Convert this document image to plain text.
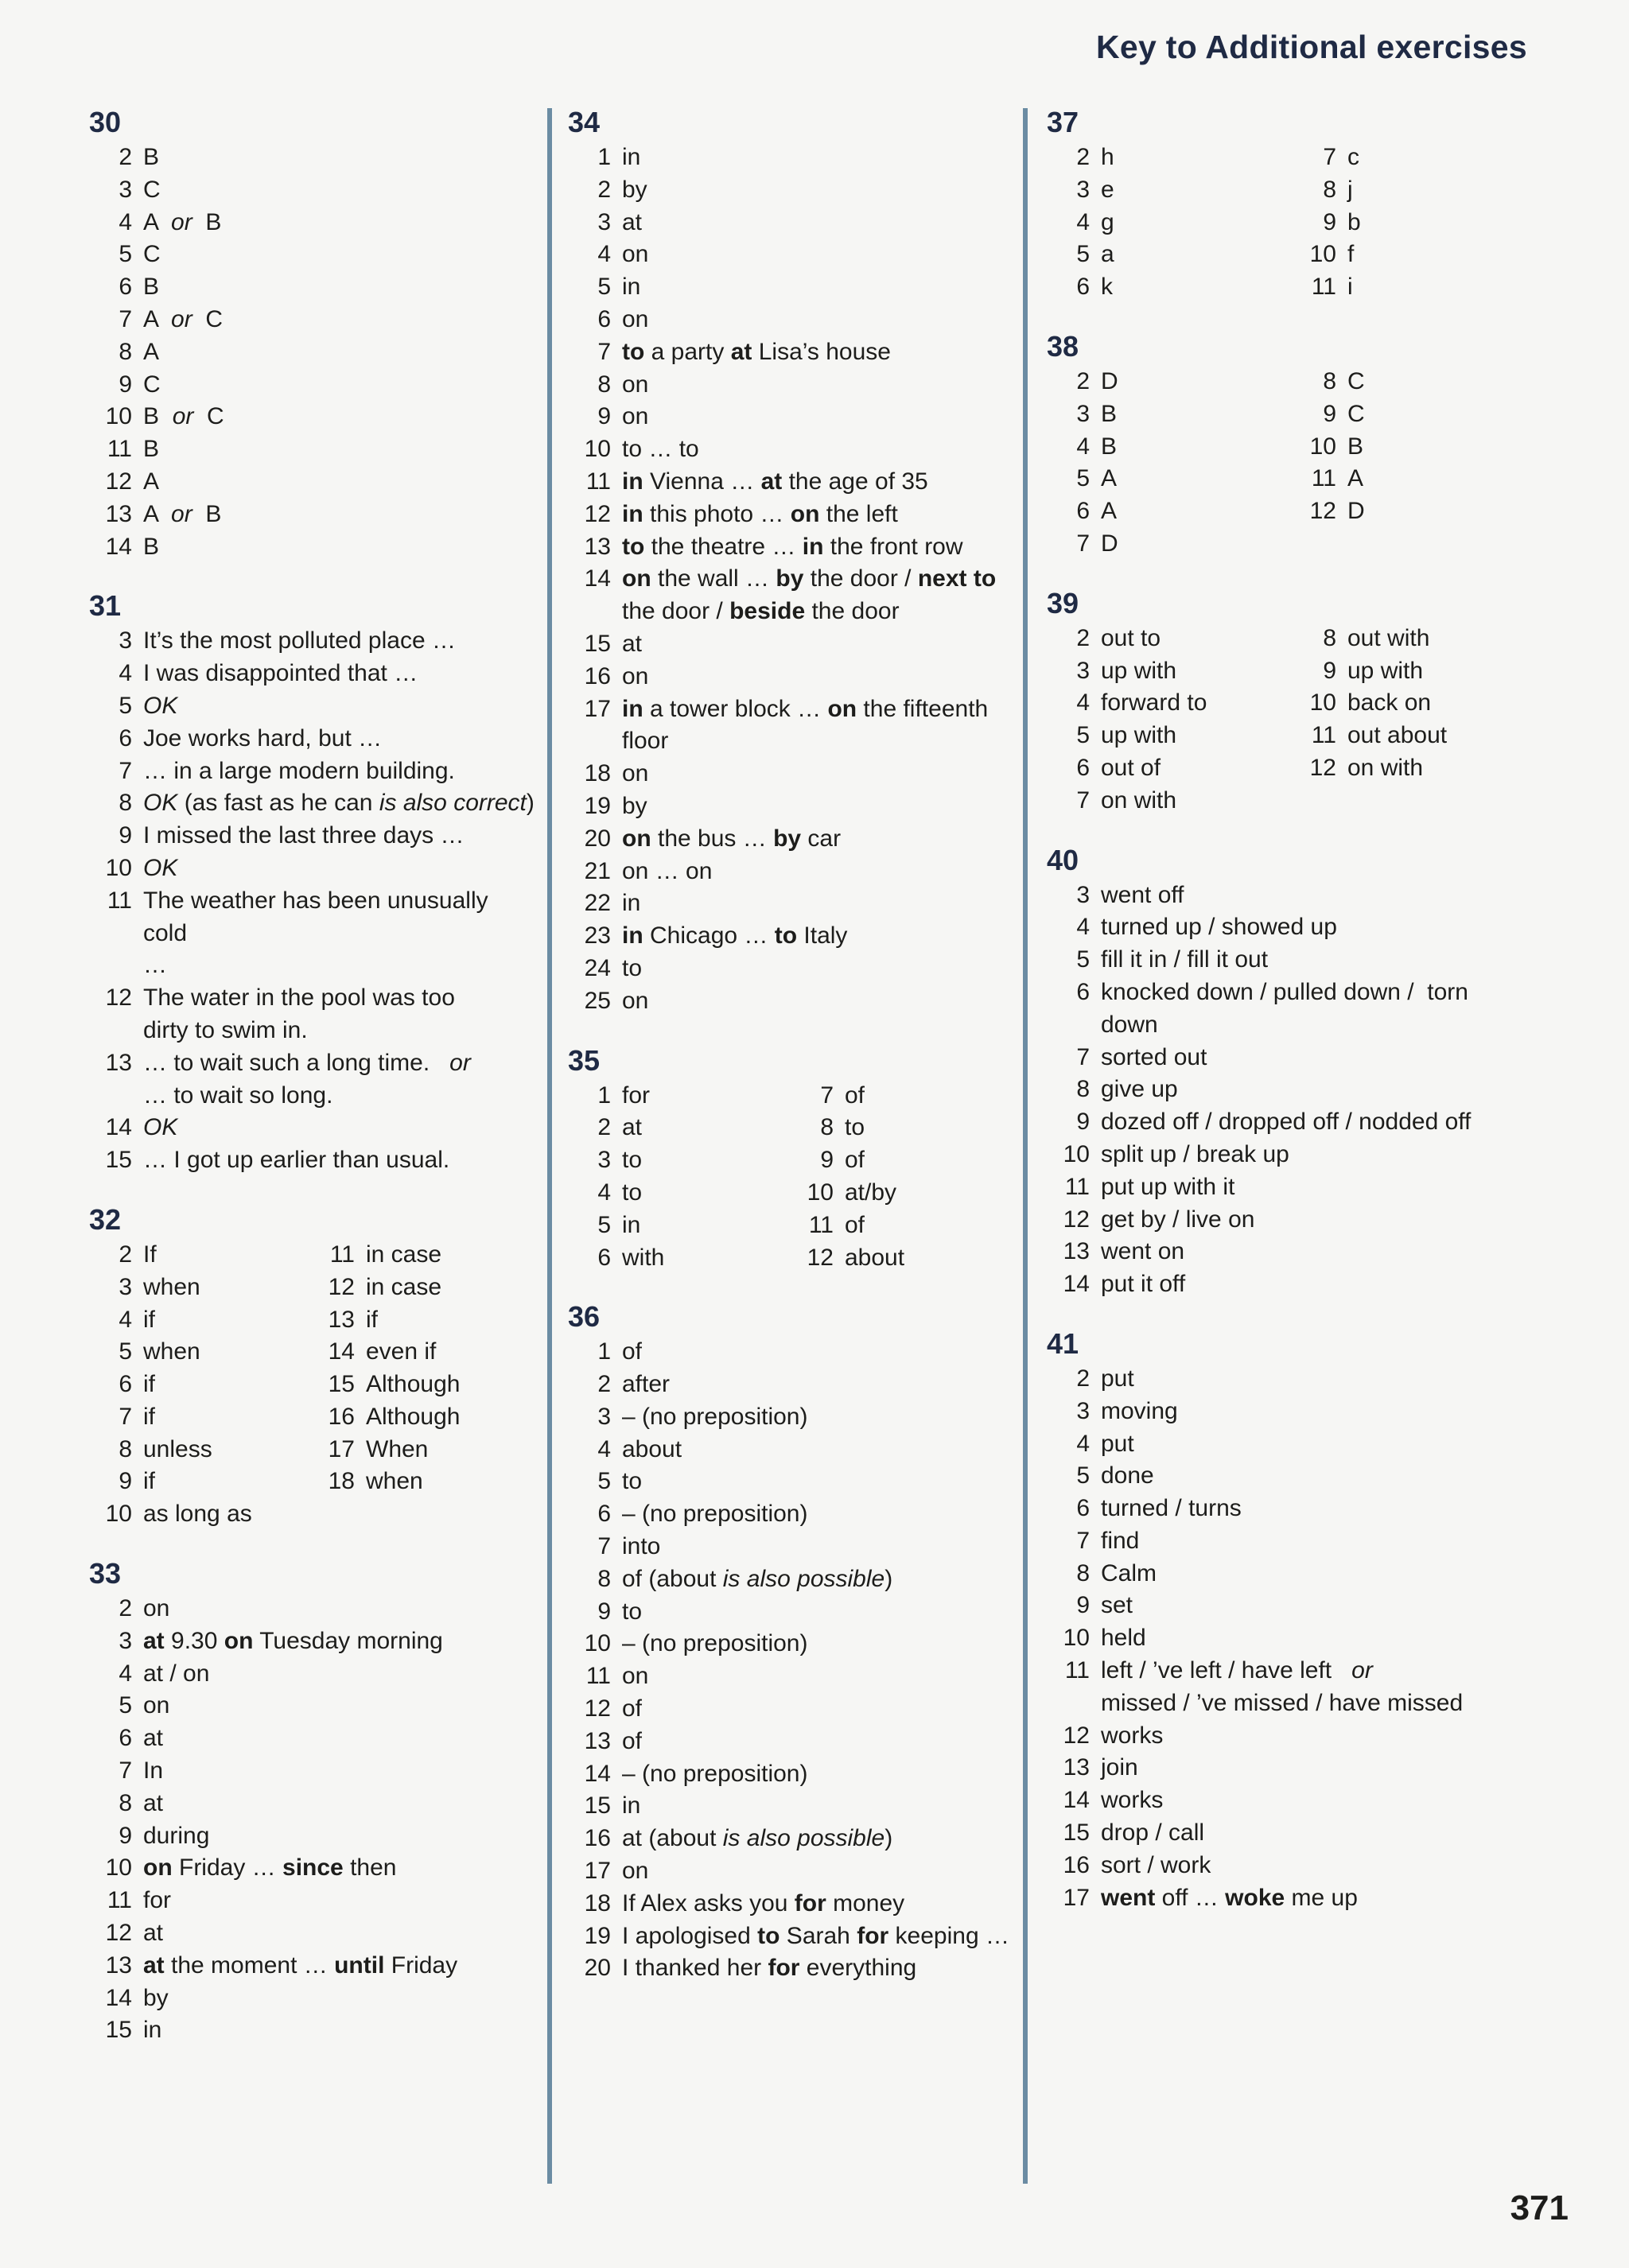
Key to Additional exercises
30
2 B
3 C
4 A  or  B
5 C
6 B
7 A  or  C
8 A
9 C
10 B  or  C
11 B
12 A
13 A  or  B
14 B
31
3 It’s the most polluted place …
4 I was disappointed that …
5 OK
6 Joe works hard, but …
7 … in a large modern building.
8 OK (as fast as he can is also correct)
9 I missed the last three days …
10 OK
11 The weather has been unusually cold
…
12 The water in the pool was too
dirty to swim in.
13 … to wait such a long time.   or
… to wait so long.
14 OK
15 … I got up earlier than usual.
32
2 If
3 when
4 if
5 when
6 if
7 if
8 unless
9 if
10 as long as
11 in case
12 in case
13 if
14 even if
15 Although
16 Although
17 When
18 when
33
2 on
3 at 9.30 on Tuesday morning
4 at / on
5 on
6 at
7 In
8 at
9 during
10 on Friday … since then
11 for
12 at
13 at the moment … until Friday
14 by
15 in
34
1 in
2 by
3 at
4 on
5 in
6 on
7 to a party at Lisa’s house
8 on
9 on
10 to … to
11 in Vienna … at the age of 35
12 in this photo … on the left
13 to the theatre … in the front row
14 on the wall … by the door / next to
the door / beside the door
15 at
16 on
17 in a tower block … on the fifteenth
floor
18 on
19 by
20 on the bus … by car
21 on … on
22 in
23 in Chicago … to Italy
24 to
25 on
35
1 for
2 at
3 to
4 to
5 in
6 with
7 of
8 to
9 of
10 at/by
11 of
12 about
36
1 of
2 after
3 – (no preposition)
4 about
5 to
6 – (no preposition)
7 into
8 of (about is also possible)
9 to
10 – (no preposition)
11 on
12 of
13 of
14 – (no preposition)
15 in
16 at (about is also possible)
17 on
18 If Alex asks you for money
19 I apologised to Sarah for keeping …
20 I thanked her for everything
37
2 h
3 e
4 g
5 a
6 k
7 c
8 j
9 b
10 f
11 i
38
2 D
3 B
4 B
5 A
6 A
7 D
8 C
9 C
10 B
11 A
12 D
39
2 out to
3 up with
4 forward to
5 up with
6 out of
7 on with
8 out with
9 up with
10 back on
11 out about
12 on with
40
3 went off
4 turned up / showed up
5 fill it in / fill it out
6 knocked down / pulled down /  torn
down
7 sorted out
8 give up
9 dozed off / dropped off / nodded off
10 split up / break up
11 put up with it
12 get by / live on
13 went on
14 put it off
41
2 put
3 moving
4 put
5 done
6 turned / turns
7 find
8 Calm
9 set
10 held
11 left / ’ve left / have left   or
missed / ’ve missed / have missed
12 works
13 join
14 works
15 drop / call
16 sort / work
17 went off … woke me up
371
